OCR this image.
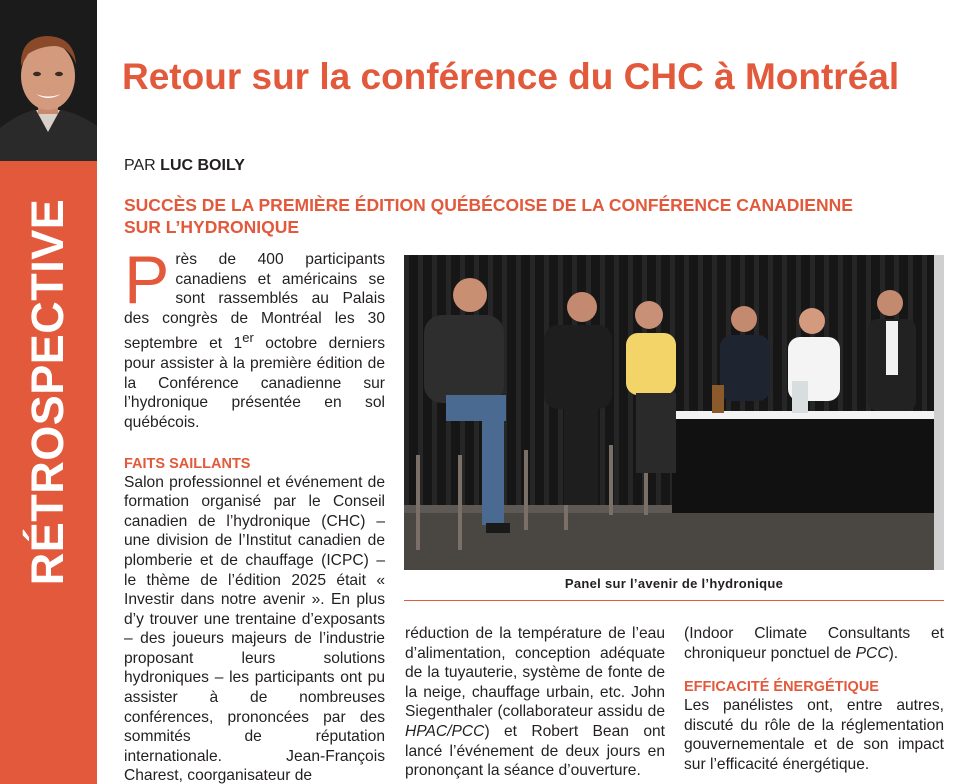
RÉTROSPECTIVE
Retour sur la conférence du CHC à Montréal
PAR LUC BOILY
SUCCÈS DE LA PREMIÈRE ÉDITION QUÉBÉCOISE DE LA CONFÉRENCE CANADIENNE SUR L’HYDRONIQUE

Près de 400 participants canadiens et américains se sont rassemblés au Palais des congrès de Montréal les 30 septembre et 1er octobre derniers pour assister à la première édition de la Conférence canadienne sur l’hydronique présentée en sol québécois.

FAITS SAILLANTS

Salon professionnel et événement de formation organisé par le Conseil canadien de l’hydronique (CHC) – une division de l’Institut canadien de plomberie et de chauffage (ICPC) – le thème de l’édition 2025 était « Investir dans notre avenir ». En plus d’y trouver une trentaine d’exposants – des joueurs majeurs de l’industrie proposant leurs solutions hydroniques – les participants ont pu assister à de nombreuses conférences, prononcées par des sommités de réputation internationale. Jean-François Charest, coorganisateur de

Panel sur l’avenir de l’hydronique

réduction de la température de l’eau d’alimentation, conception adéquate de la tuyauterie, système de fonte de la neige, chauffage urbain, etc. John Siegenthaler (collaborateur assidu de HPAC/PCC) et Robert Bean ont lancé l’événement de deux jours en prononçant la séance d’ouverture.

(Indoor Climate Consultants et chroniqueur ponctuel de PCC).

EFFICACITÉ ÉNERGÉTIQUE

Les panélistes ont, entre autres, discuté du rôle de la réglementation gouvernementale et de son impact sur l’efficacité énergétique.
